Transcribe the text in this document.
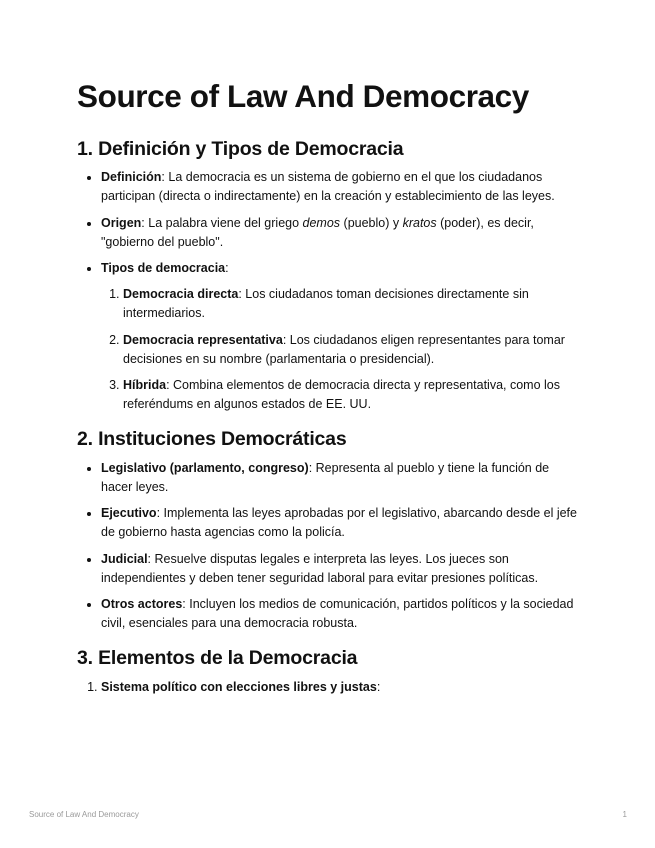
Source of Law And Democracy
1. Definición y Tipos de Democracia
• Definición: La democracia es un sistema de gobierno en el que los ciudadanos participan (directa o indirectamente) en la creación y establecimiento de las leyes.
• Origen: La palabra viene del griego demos (pueblo) y kratos (poder), es decir, "gobierno del pueblo".
• Tipos de democracia:
1. Democracia directa: Los ciudadanos toman decisiones directamente sin intermediarios.
2. Democracia representativa: Los ciudadanos eligen representantes para tomar decisiones en su nombre (parlamentaria o presidencial).
3. Híbrida: Combina elementos de democracia directa y representativa, como los referéndums en algunos estados de EE. UU.
2. Instituciones Democráticas
• Legislativo (parlamento, congreso): Representa al pueblo y tiene la función de hacer leyes.
• Ejecutivo: Implementa las leyes aprobadas por el legislativo, abarcando desde el jefe de gobierno hasta agencias como la policía.
• Judicial: Resuelve disputas legales e interpreta las leyes. Los jueces son independientes y deben tener seguridad laboral para evitar presiones políticas.
• Otros actores: Incluyen los medios de comunicación, partidos políticos y la sociedad civil, esenciales para una democracia robusta.
3. Elementos de la Democracia
1. Sistema político con elecciones libres y justas:
Source of Law And Democracy	1
